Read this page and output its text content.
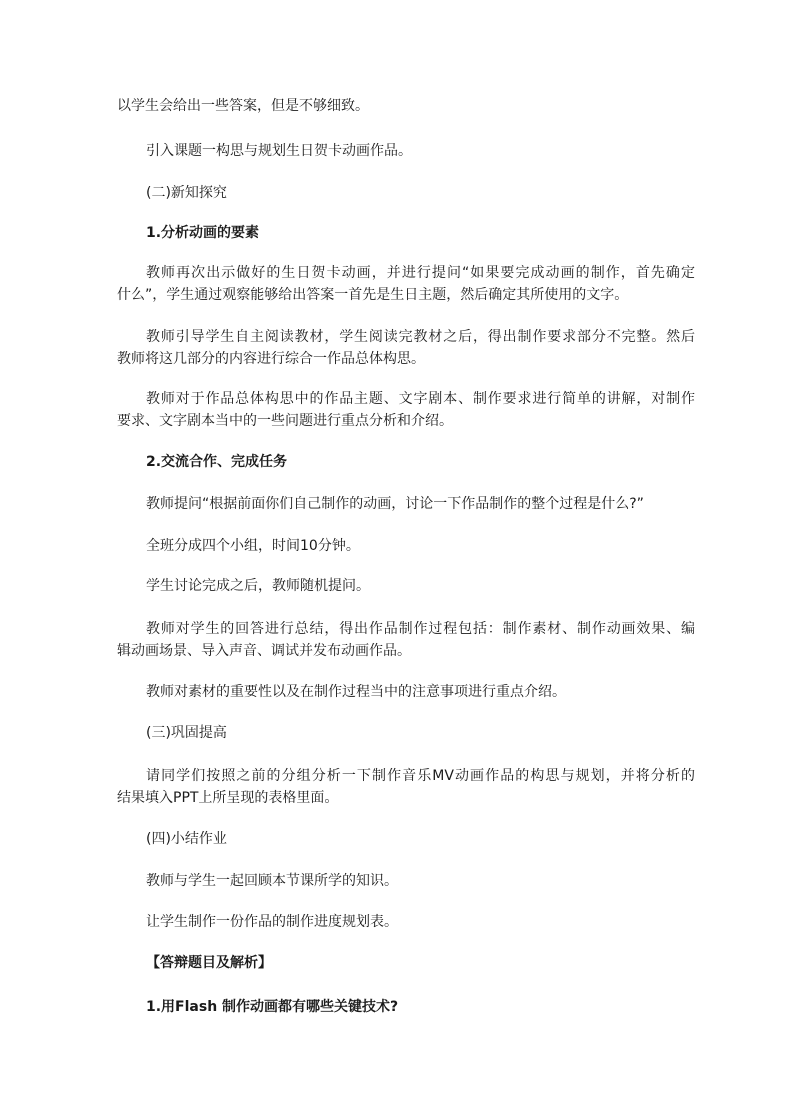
以学生会给出一些答案，但是不够细致。

引入课题一构思与规划生日贺卡动画作品。

(二)新知探究

1.分析动画的要素

教师再次出示做好的生日贺卡动画，并进行提问“如果要完成动画的制作，首先确定

什么”，学生通过观察能够给出答案一首先是生日主题，然后确定其所使用的文字。

教师引导学生自主阅读教材，学生阅读完教材之后，得出制作要求部分不完整。然后

教师将这几部分的内容进行综合一作品总体构思。

教师对于作品总体构思中的作品主题、文字剧本、制作要求进行简单的讲解，对制作

要求、文字剧本当中的一些问题进行重点分析和介绍。

2.交流合作、完成任务

教师提问“根据前面你们自己制作的动画，讨论一下作品制作的整个过程是什么?”

全班分成四个小组，时间10分钟。

学生讨论完成之后，教师随机提问。

教师对学生的回答进行总结，得出作品制作过程包括：制作素材、制作动画效果、编

辑动画场景、导入声音、调试并发布动画作品。

教师对素材的重要性以及在制作过程当中的注意事项进行重点介绍。

(三)巩固提高

请同学们按照之前的分组分析一下制作音乐MV动画作品的构思与规划，并将分析的

结果填入PPT上所呈现的表格里面。

(四)小结作业

教师与学生一起回顾本节课所学的知识。

让学生制作一份作品的制作进度规划表。

【答辩题目及解析】

1.用Flash 制作动画都有哪些关键技术?
